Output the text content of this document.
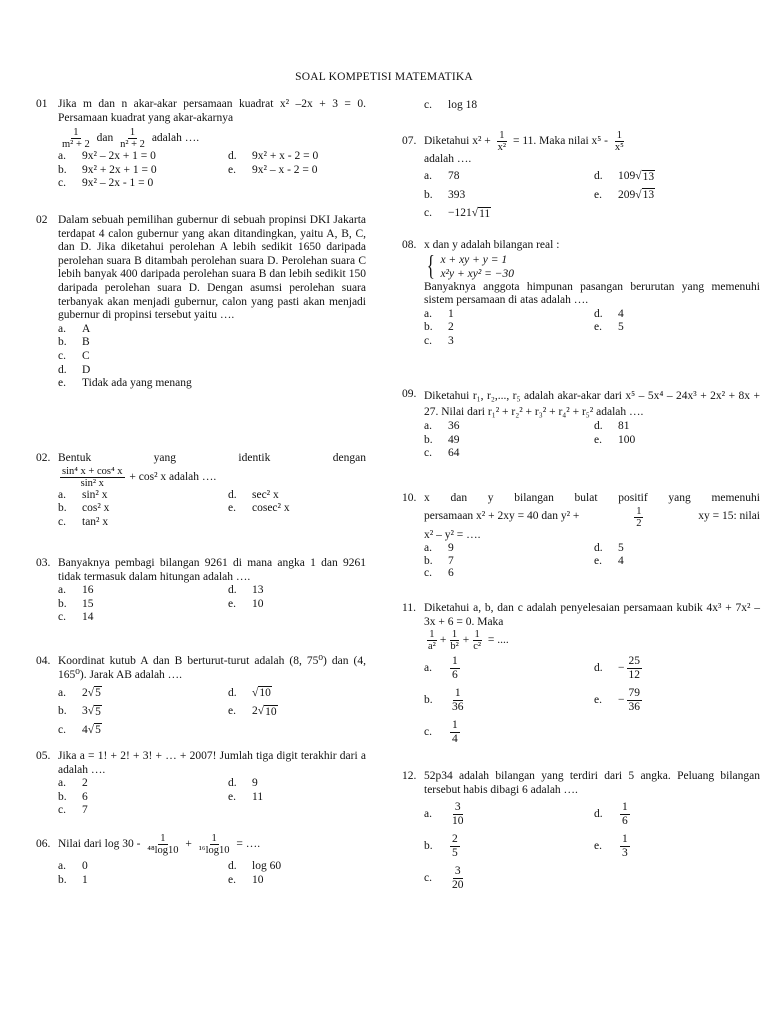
SOAL KOMPETISI MATEMATIKA
01 Jika m dan n akar-akar persamaan kuadrat x² –2x + 3 = 0. Persamaan kuadrat yang akar-akarnya
$\frac{1}{\text{m² + 2}}$ dan $\frac{1}{\text{n² + 2}}$ adalah ….
a.	9x² – 2x + 1 = 0	d.	9x² + x - 2 = 0
b.	9x² + 2x + 1 = 0	e.	9x² – x - 2 = 0
c.	9x² – 2x - 1 = 0
02 Dalam sebuah pemilihan gubernur di sebuah propinsi DKI Jakarta terdapat 4 calon gubernur yang akan ditandingkan, yaitu A, B, C, dan D. Jika diketahui perolehan A lebih sedikit 1650 daripada perolehan suara B ditambah perolehan suara D. Perolehan suara C lebih banyak 400 daripada perolehan suara B dan lebih sedikit 150 daripada perolehan suara D. Dengan asumsi perolehan suara terbanyak akan menjadi gubernur, calon yang pasti akan menjadi gubernur di propinsi tersebut yaitu ….
a.	A
b.	B
c.	C
d.	D
e.	Tidak ada yang menang
02. Bentuk yang identik dengan
$\frac{\text{sin⁴ x + cos⁴ x}}{\text{sin² x}} + \cos^2$ x adalah ….
a.	sin² x	d.	sec² x
b.	cos² x	e.	cosec² x
c.	tan² x
03. Banyaknya pembagi bilangan 9261 di mana angka 1 dan 9261 tidak termasuk dalam hitungan adalah ….
a.	16	d.	13
b.	15	e.	10
c.	14
04. Koordinat kutub A dan B berturut-turut adalah (8, 75⁰) dan (4, 165⁰). Jarak AB adalah ….
a.	2 √ 5	d.	√ 10
b.	3 √ 5	e.	2 √ 10
c.	4 √ 5
05. Jika a = 1! + 2! + 3! + … + 2007! Jumlah tiga digit terakhir dari a adalah ….
a.	2	d.	9
b.	6	e.	11
c.	7
06. Nilai dari $\log 30 - \frac{1}{\text{⁴⁸log10}} + \frac{1}{\text{¹⁶log10}}$ = ….
a.	0	d.	log 60
b.	1	e.	10
c.	log 18
07. Diketahui $x^2 + \frac{1}{\text{x²}} = 11$. Maka nilai $x^5 - \frac{1}{\text{x⁵}}$
adalah ….
a.	78	d.	109 √ 13
b.	393	e.	209 √ 13
c.	−121 √ 11
08. x dan y adalah bilangan real :
{ x + xy + y = 1
x²y + xy² = −30
Banyaknya anggota himpunan pasangan berurutan yang memenuhi sistem persamaan di atas adalah ….
a.	1	d.	4
b.	2	e.	5
c.	3
09. Diketahui r₁, r₂,..., r₅ adalah akar-akar dari x⁵ – 5x⁴ – 24x³ + 2x² + 8x + 27. Nilai dari r₁² + r₂² + r₃² + r₄² + r₅² adalah ….
a.	36	d.	81
b.	49	e.	100
c.	64
10. x dan y bilangan bulat positif yang memenuhi
persamaan x² + 2xy = 40 dan y² +	$\frac{1}{2}$	xy = 15: nilai
x² – y² = ….
a.	9	d.	5
b.	7	e.	4
c.	6
11. Diketahui a, b, dan c adalah penyelesaian persamaan kubik 4x³ + 7x² – 3x + 6 = 0. Maka
$\frac{1}{\text{a²}} + \frac{1}{\text{b²}} + \frac{1}{\text{c²}}$ = ....
a.	$\frac{1}{6}$	d.	− $\frac{25}{12}$
b.	$\frac{1}{36}$	e.	− $\frac{79}{36}$
c.	$\frac{1}{4}$
12. 52p34 adalah bilangan yang terdiri dari 5 angka. Peluang bilangan tersebut habis dibagi 6 adalah ….
a.	$\frac{3}{10}$	d.	$\frac{1}{6}$
b.	$\frac{2}{5}$	e.	$\frac{1}{3}$
c.	$\frac{3}{20}$
